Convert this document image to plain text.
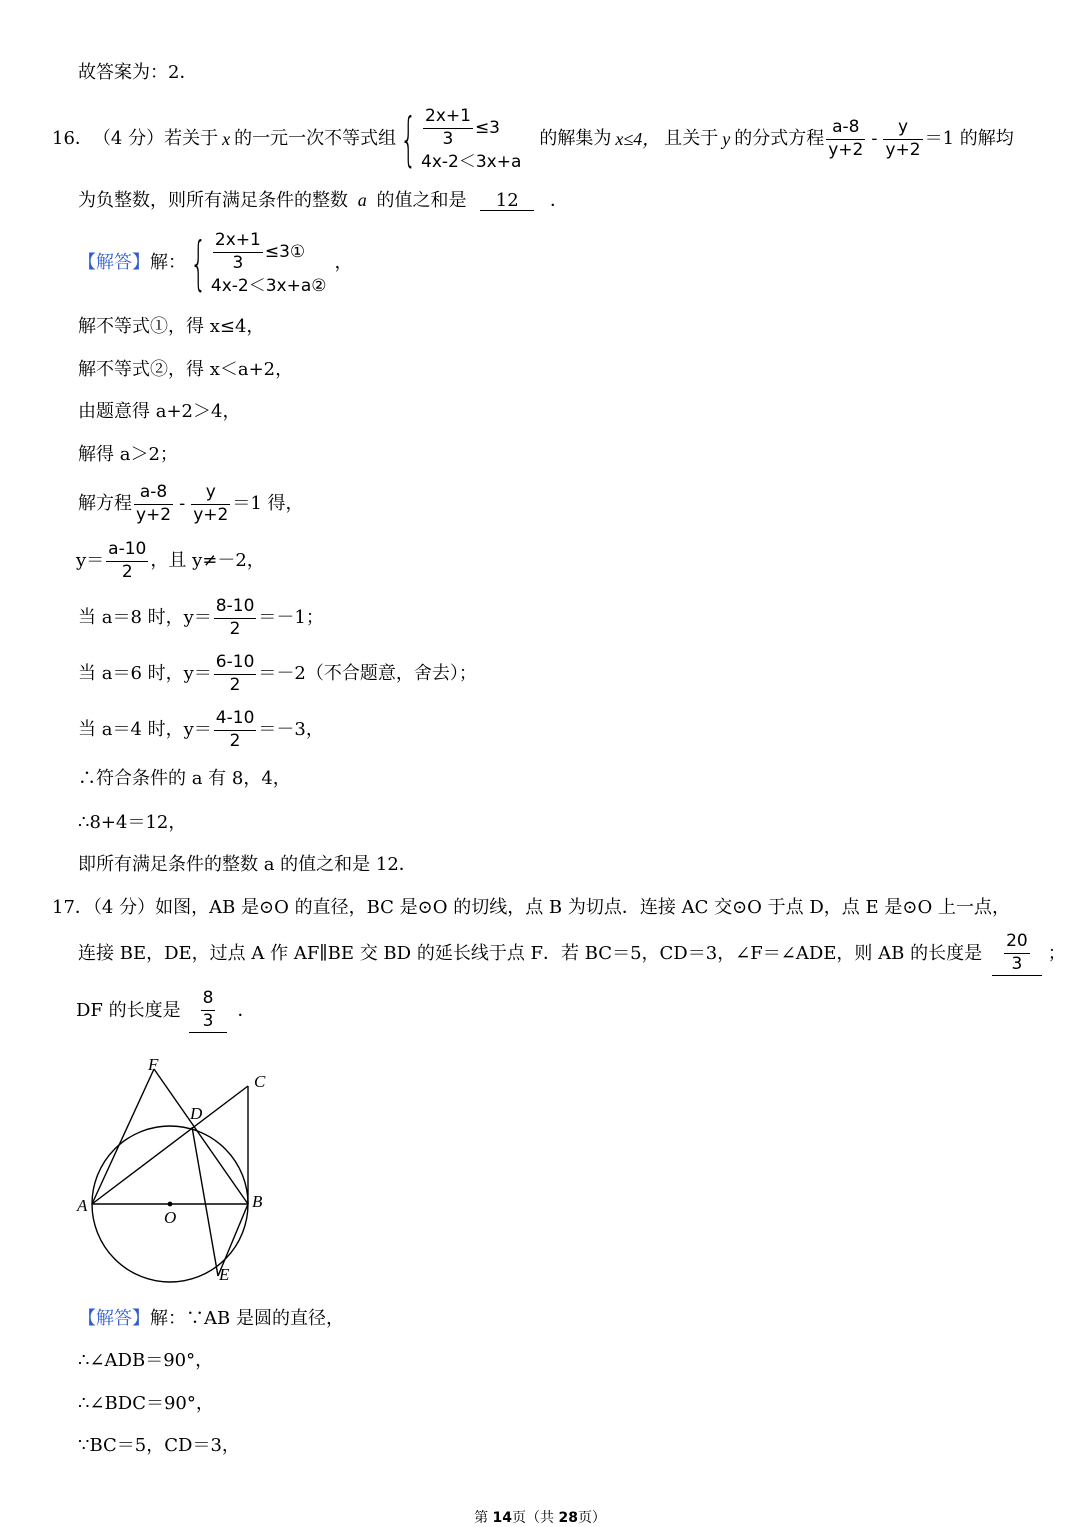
故答案为：2．
16． （4 分） 若关于 x 的一元一次不等式组 { $\frac{2x+1}{3} \le 3$
4x-2＜3x+a
的解集为 x≤4， 且关于 y 的分式方程 $\frac{a-8}{y+2} - \frac{y}{y+2} =1$ 的解均
为负整数，则所有满足条件的整数 a 的值之和是 12 ．
【解答】 解： { $\frac{2x+1}{3}$ ≤3①
4x-2＜3x+a②
，
解不等式①，得 x≤4，
解不等式②，得 x＜a+2，
由题意得 a+2＞4，
解得 a＞2；
解方程 $\frac{a-8}{y+2} - \frac{y}{y+2} =1$ 得，
$y= \frac{a-10}{2}$ ，且 y≠－2，
当 a＝8 时，$y= \frac{8-10}{2} =-1$；
当 a＝6 时，$y= \frac{6-10}{2} =-2$（不合题意，舍去）；
当 a＝4 时，$y= \frac{4-10}{2} =-3$，
∴符合条件的 a 有 8，4，
∴8+4＝12，
即所有满足条件的整数 a 的值之和是 12．
17．（4 分）如图，AB 是⊙O 的直径，BC 是⊙O 的切线，点 B 为切点．连接 AC 交⊙O 于点 D，点 E 是⊙O 上一点，
连接 BE，DE，过点 A 作 AF∥BE 交 BD 的延长线于点 F．若 BC＝5，CD＝3，∠F＝∠ADE，则 AB 的长度是 $\frac{20}{3}$ ；
DF 的长度是 $\frac{8}{3}$ ．
F
C
D
A
O
B
E
【解答】解：∵AB 是圆的直径，
∴∠ADB＝90°，
∴∠BDC＝90°，
∵BC＝5，CD＝3，
第 14页（共 28页）
